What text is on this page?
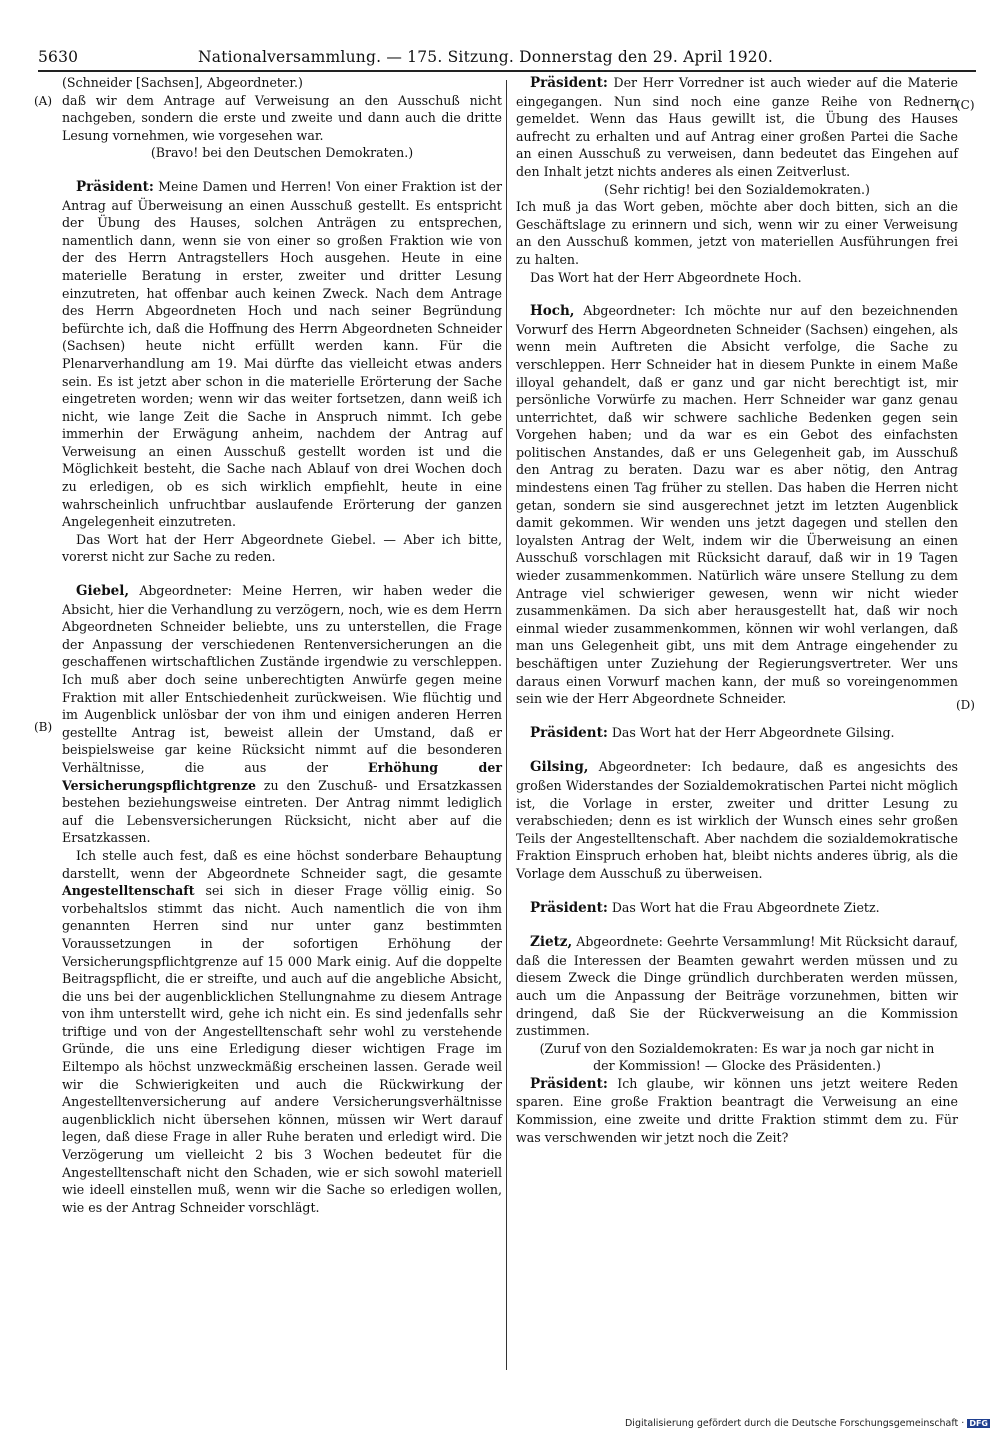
5630	Nationalversammlung. — 175. Sitzung. Donnerstag den 29. April 1920.
(A)
(B)
(C)
(D)

(Schneider [Sachsen], Abgeordneter.)

daß wir dem Antrage auf Verweisung an den Ausschuß nicht nachgeben, sondern die erste und zweite und dann auch die dritte Lesung vornehmen, wie vorgesehen war.

(Bravo! bei den Deutschen Demokraten.)

Präsident: Meine Damen und Herren! Von einer Fraktion ist der Antrag auf Überweisung an einen Ausschuß gestellt. Es entspricht der Übung des Hauses, solchen Anträgen zu entsprechen, namentlich dann, wenn sie von einer so großen Fraktion wie von der des Herrn Antragstellers Hoch ausgehen. Heute in eine materielle Beratung in erster, zweiter und dritter Lesung einzutreten, hat offenbar auch keinen Zweck. Nach dem Antrage des Herrn Abgeordneten Hoch und nach seiner Begründung befürchte ich, daß die Hoffnung des Herrn Abgeordneten Schneider (Sachsen) heute nicht erfüllt werden kann. Für die Plenarverhandlung am 19. Mai dürfte das vielleicht etwas anders sein. Es ist jetzt aber schon in die materielle Erörterung der Sache eingetreten worden; wenn wir das weiter fortsetzen, dann weiß ich nicht, wie lange Zeit die Sache in Anspruch nimmt. Ich gebe immerhin der Erwägung anheim, nachdem der Antrag auf Verweisung an einen Ausschuß gestellt worden ist und die Möglichkeit besteht, die Sache nach Ablauf von drei Wochen doch zu erledigen, ob es sich wirklich empfiehlt, heute in eine wahrscheinlich unfruchtbar auslaufende Erörterung der ganzen Angelegenheit einzutreten.

Das Wort hat der Herr Abgeordnete Giebel. — Aber ich bitte, vorerst nicht zur Sache zu reden.

Giebel, Abgeordneter: Meine Herren, wir haben weder die Absicht, hier die Verhandlung zu verzögern, noch, wie es dem Herrn Abgeordneten Schneider beliebte, uns zu unterstellen, die Frage der Anpassung der verschiedenen Rentenversicherungen an die geschaffenen wirtschaftlichen Zustände irgendwie zu verschleppen. Ich muß aber doch seine unberechtigten Anwürfe gegen meine Fraktion mit aller Entschiedenheit zurückweisen. Wie flüchtig und im Augenblick unlösbar der von ihm und einigen anderen Herren gestellte Antrag ist, beweist allein der Umstand, daß er beispielsweise gar keine Rücksicht nimmt auf die besonderen Verhältnisse, die aus der Erhöhung der Versicherungspflichtgrenze zu den Zuschuß- und Ersatzkassen bestehen beziehungsweise eintreten. Der Antrag nimmt lediglich auf die Lebensversicherungen Rücksicht, nicht aber auf die Ersatzkassen.

Ich stelle auch fest, daß es eine höchst sonderbare Behauptung darstellt, wenn der Abgeordnete Schneider sagt, die gesamte Angestelltenschaft sei sich in dieser Frage völlig einig. So vorbehaltslos stimmt das nicht. Auch namentlich die von ihm genannten Herren sind nur unter ganz bestimmten Voraussetzungen in der sofortigen Erhöhung der Versicherungspflichtgrenze auf 15 000 Mark einig. Auf die doppelte Beitragspflicht, die er streifte, und auch auf die angebliche Absicht, die uns bei der augenblicklichen Stellungnahme zu diesem Antrage von ihm unterstellt wird, gehe ich nicht ein. Es sind jedenfalls sehr triftige und von der Angestelltenschaft sehr wohl zu verstehende Gründe, die uns eine Erledigung dieser wichtigen Frage im Eiltempo als höchst unzweckmäßig erscheinen lassen. Gerade weil wir die Schwierigkeiten und auch die Rückwirkung der Angestelltenversicherung auf andere Versicherungsverhältnisse augenblicklich nicht übersehen können, müssen wir Wert darauf legen, daß diese Frage in aller Ruhe beraten und erledigt wird. Die Verzögerung um vielleicht 2 bis 3 Wochen bedeutet für die Angestelltenschaft nicht den Schaden, wie er sich sowohl materiell wie ideell einstellen muß, wenn wir die Sache so erledigen wollen, wie es der Antrag Schneider vorschlägt.

Präsident: Der Herr Vorredner ist auch wieder auf die Materie eingegangen. Nun sind noch eine ganze Reihe von Rednern gemeldet. Wenn das Haus gewillt ist, die Übung des Hauses aufrecht zu erhalten und auf Antrag einer großen Partei die Sache an einen Ausschuß zu verweisen, dann bedeutet das Eingehen auf den Inhalt jetzt nichts anderes als einen Zeitverlust.

(Sehr richtig! bei den Sozialdemokraten.)

Ich muß ja das Wort geben, möchte aber doch bitten, sich an die Geschäftslage zu erinnern und sich, wenn wir zu einer Verweisung an den Ausschuß kommen, jetzt von materiellen Ausführungen frei zu halten.

Das Wort hat der Herr Abgeordnete Hoch.

Hoch, Abgeordneter: Ich möchte nur auf den bezeichnenden Vorwurf des Herrn Abgeordneten Schneider (Sachsen) eingehen, als wenn mein Auftreten die Absicht verfolge, die Sache zu verschleppen. Herr Schneider hat in diesem Punkte in einem Maße illoyal gehandelt, daß er ganz und gar nicht berechtigt ist, mir persönliche Vorwürfe zu machen. Herr Schneider war ganz genau unterrichtet, daß wir schwere sachliche Bedenken gegen sein Vorgehen haben; und da war es ein Gebot des einfachsten politischen Anstandes, daß er uns Gelegenheit gab, im Ausschuß den Antrag zu beraten. Dazu war es aber nötig, den Antrag mindestens einen Tag früher zu stellen. Das haben die Herren nicht getan, sondern sie sind ausgerechnet jetzt im letzten Augenblick damit gekommen. Wir wenden uns jetzt dagegen und stellen den loyalsten Antrag der Welt, indem wir die Überweisung an einen Ausschuß vorschlagen mit Rücksicht darauf, daß wir in 19 Tagen wieder zusammenkommen. Natürlich wäre unsere Stellung zu dem Antrage viel schwieriger gewesen, wenn wir nicht wieder zusammenkämen. Da sich aber herausgestellt hat, daß wir noch einmal wieder zusammenkommen, können wir wohl verlangen, daß man uns Gelegenheit gibt, uns mit dem Antrage eingehender zu beschäftigen unter Zuziehung der Regierungsvertreter. Wer uns daraus einen Vorwurf machen kann, der muß so voreingenommen sein wie der Herr Abgeordnete Schneider.

Präsident: Das Wort hat der Herr Abgeordnete Gilsing.

Gilsing, Abgeordneter: Ich bedaure, daß es angesichts des großen Widerstandes der Sozialdemokratischen Partei nicht möglich ist, die Vorlage in erster, zweiter und dritter Lesung zu verabschieden; denn es ist wirklich der Wunsch eines sehr großen Teils der Angestelltenschaft. Aber nachdem die sozialdemokratische Fraktion Einspruch erhoben hat, bleibt nichts anderes übrig, als die Vorlage dem Ausschuß zu überweisen.

Präsident: Das Wort hat die Frau Abgeordnete Zietz.

Zietz, Abgeordnete: Geehrte Versammlung! Mit Rücksicht darauf, daß die Interessen der Beamten gewahrt werden müssen und zu diesem Zweck die Dinge gründlich durchberaten werden müssen, auch um die Anpassung der Beiträge vorzunehmen, bitten wir dringend, daß Sie der Rückverweisung an die Kommission zustimmen.

(Zuruf von den Sozialdemokraten: Es war ja noch gar nicht in der Kommission! — Glocke des Präsidenten.)

Präsident: Ich glaube, wir können uns jetzt weitere Reden sparen. Eine große Fraktion beantragt die Verweisung an eine Kommission, eine zweite und dritte Fraktion stimmt dem zu. Für was verschwenden wir jetzt noch die Zeit?

Digitalisierung gefördert durch die Deutsche Forschungsgemeinschaft · DFG
